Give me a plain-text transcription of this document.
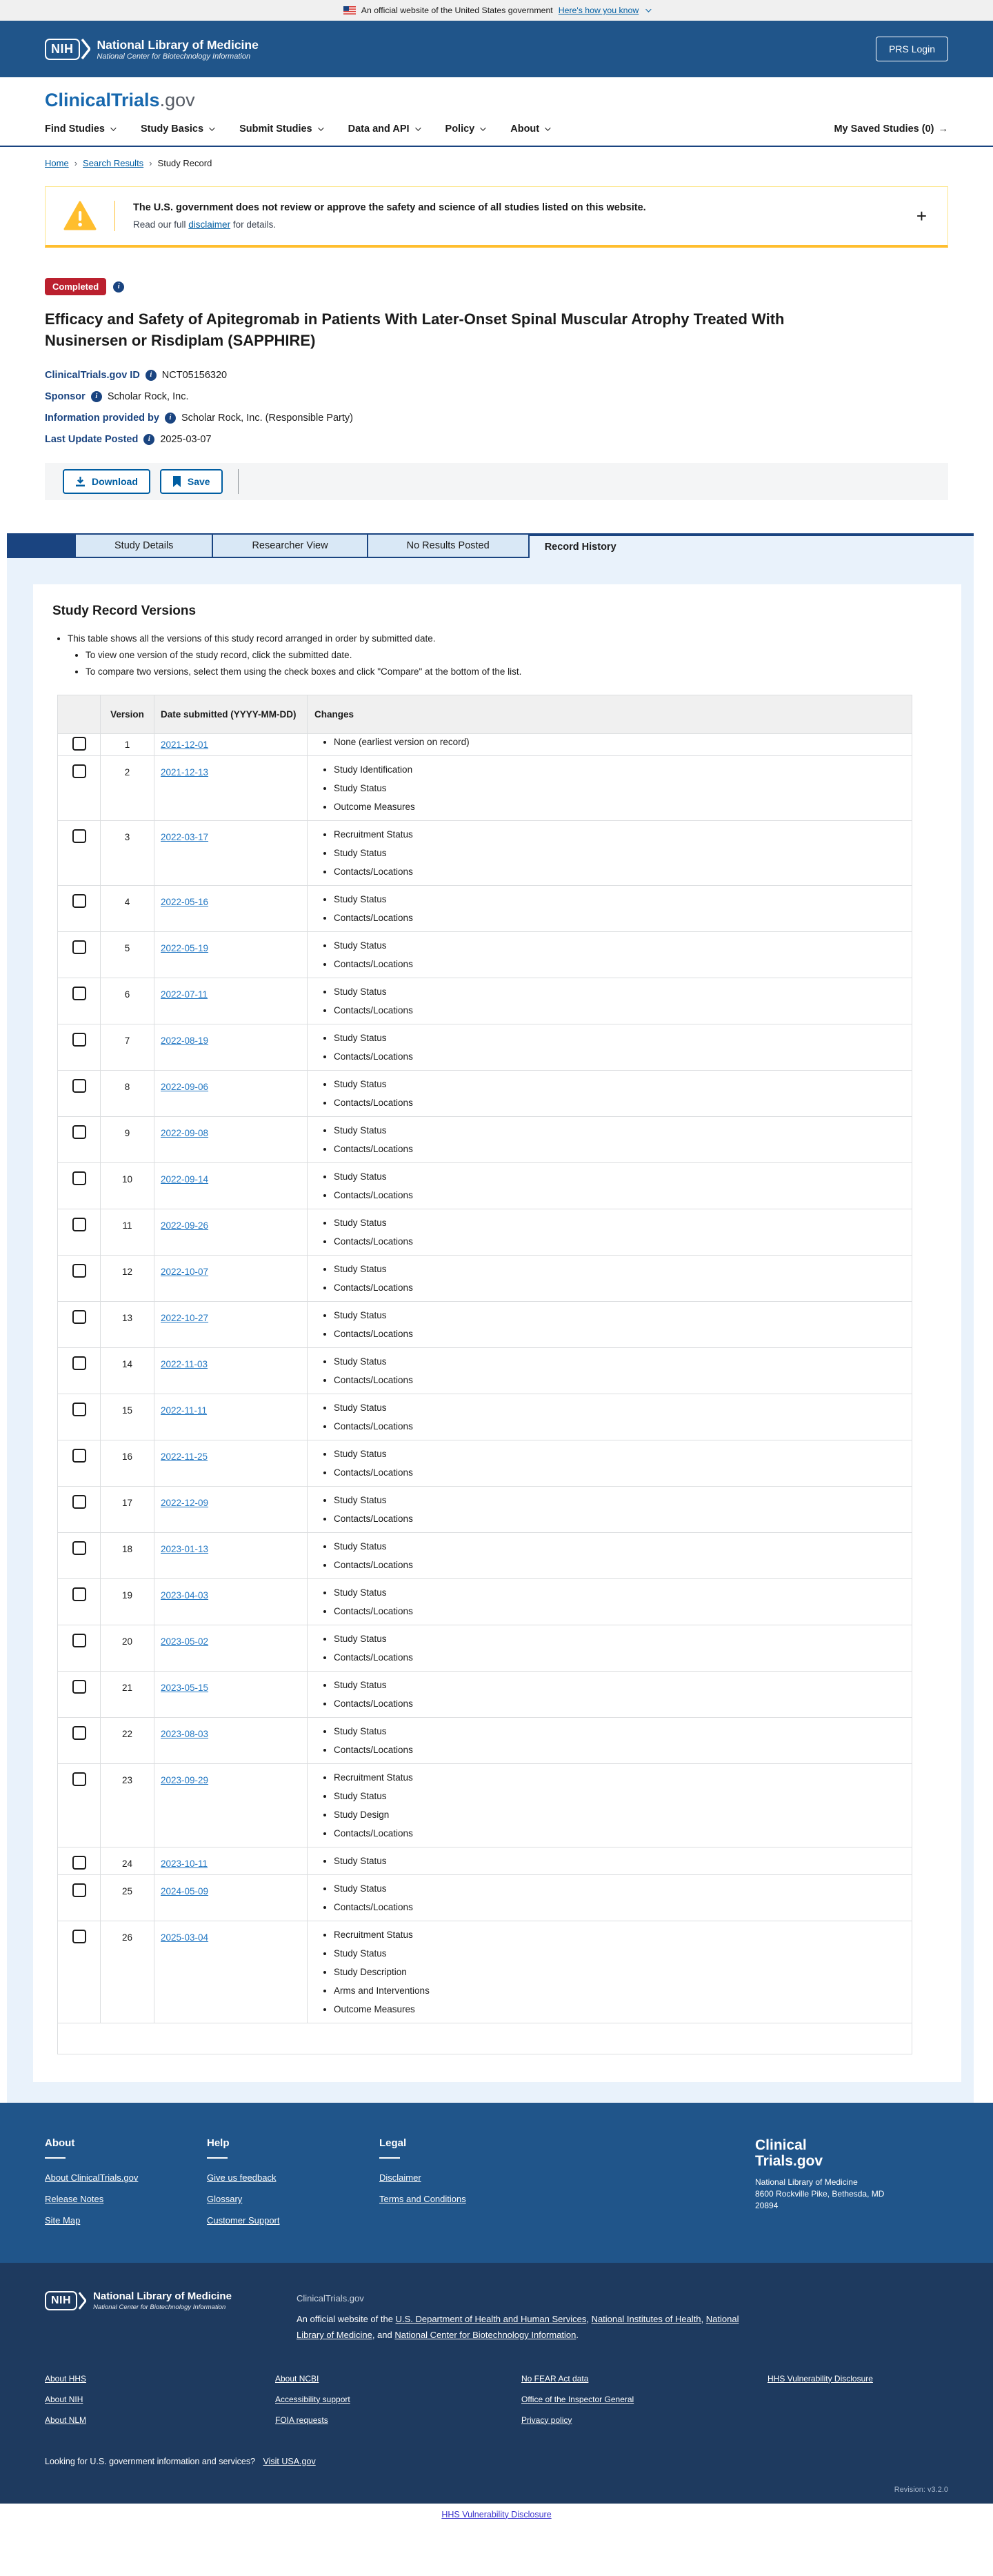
An official website of the United States government Here's how you know
NIH	National Library of Medicine
National Center for Biotechnology Information
PRS Login
ClinicalTrials.gov
Find Studies	Study Basics	Submit Studies	Data and API	Policy	About	My Saved Studies (0) →
Home › Search Results › Study Record
The U.S. government does not review or approve the safety and science of all studies listed on this website.
Read our full disclaimer for details.	+
Completed	i
Efficacy and Safety of Apitegromab in Patients With Later-Onset Spinal Muscular Atrophy Treated With Nusinersen or Risdiplam (SAPPHIRE)
ClinicalTrials.gov ID	i	NCT05156320
Sponsor	i	Scholar Rock, Inc.
Information provided by	i	Scholar Rock, Inc. (Responsible Party)
Last Update Posted	i	2025-03-07
Download	Save
Study Details	Researcher View	No Results Posted	Record History
Study Record Versions
• This table shows all the versions of this study record arranged in order by submitted date.
• To view one version of the study record, click the submitted date.
• To compare two versions, select them using the check boxes and click "Compare" at the bottom of the list.
Version	Date submitted (YYYY-MM-DD)	Changes
1	2021-12-01	• None (earliest version on record)
2	2021-12-13	• Study Identification
• Study Status
• Outcome Measures
3	2022-03-17	• Recruitment Status
• Study Status
• Contacts/Locations
4	2022-05-16	• Study Status
• Contacts/Locations
5	2022-05-19	• Study Status
• Contacts/Locations
6	2022-07-11	• Study Status
• Contacts/Locations
7	2022-08-19	• Study Status
• Contacts/Locations
8	2022-09-06	• Study Status
• Contacts/Locations
9	2022-09-08	• Study Status
• Contacts/Locations
10	2022-09-14	• Study Status
• Contacts/Locations
11	2022-09-26	• Study Status
• Contacts/Locations
12	2022-10-07	• Study Status
• Contacts/Locations
13	2022-10-27	• Study Status
• Contacts/Locations
14	2022-11-03	• Study Status
• Contacts/Locations
15	2022-11-11	• Study Status
• Contacts/Locations
16	2022-11-25	• Study Status
• Contacts/Locations
17	2022-12-09	• Study Status
• Contacts/Locations
18	2023-01-13	• Study Status
• Contacts/Locations
19	2023-04-03	• Study Status
• Contacts/Locations
20	2023-05-02	• Study Status
• Contacts/Locations
21	2023-05-15	• Study Status
• Contacts/Locations
22	2023-08-03	• Study Status
• Contacts/Locations
23	2023-09-29	• Recruitment Status
• Study Status
• Study Design
• Contacts/Locations
24	2023-10-11	• Study Status
25	2024-05-09	• Study Status
• Contacts/Locations
26	2025-03-04	• Recruitment Status
• Study Status
• Study Description
• Arms and Interventions
• Outcome Measures
About
About ClinicalTrials.gov
Release Notes
Site Map
Help
Give us feedback
Glossary
Customer Support
Legal
Disclaimer
Terms and Conditions
Clinical
Trials.gov
National Library of Medicine
8600 Rockville Pike, Bethesda, MD
20894
NIH	National Library of Medicine
National Center for Biotechnology Information
ClinicalTrials.gov
An official website of the U.S. Department of Health and Human Services, National Institutes of Health, National Library of Medicine, and National Center for Biotechnology Information.
About HHS
About NIH
About NLM
About NCBI
Accessibility support
FOIA requests
No FEAR Act data
Office of the Inspector General
Privacy policy
HHS Vulnerability Disclosure
Looking for U.S. government information and services? Visit USA.gov
Revision: v3.2.0
HHS Vulnerability Disclosure
